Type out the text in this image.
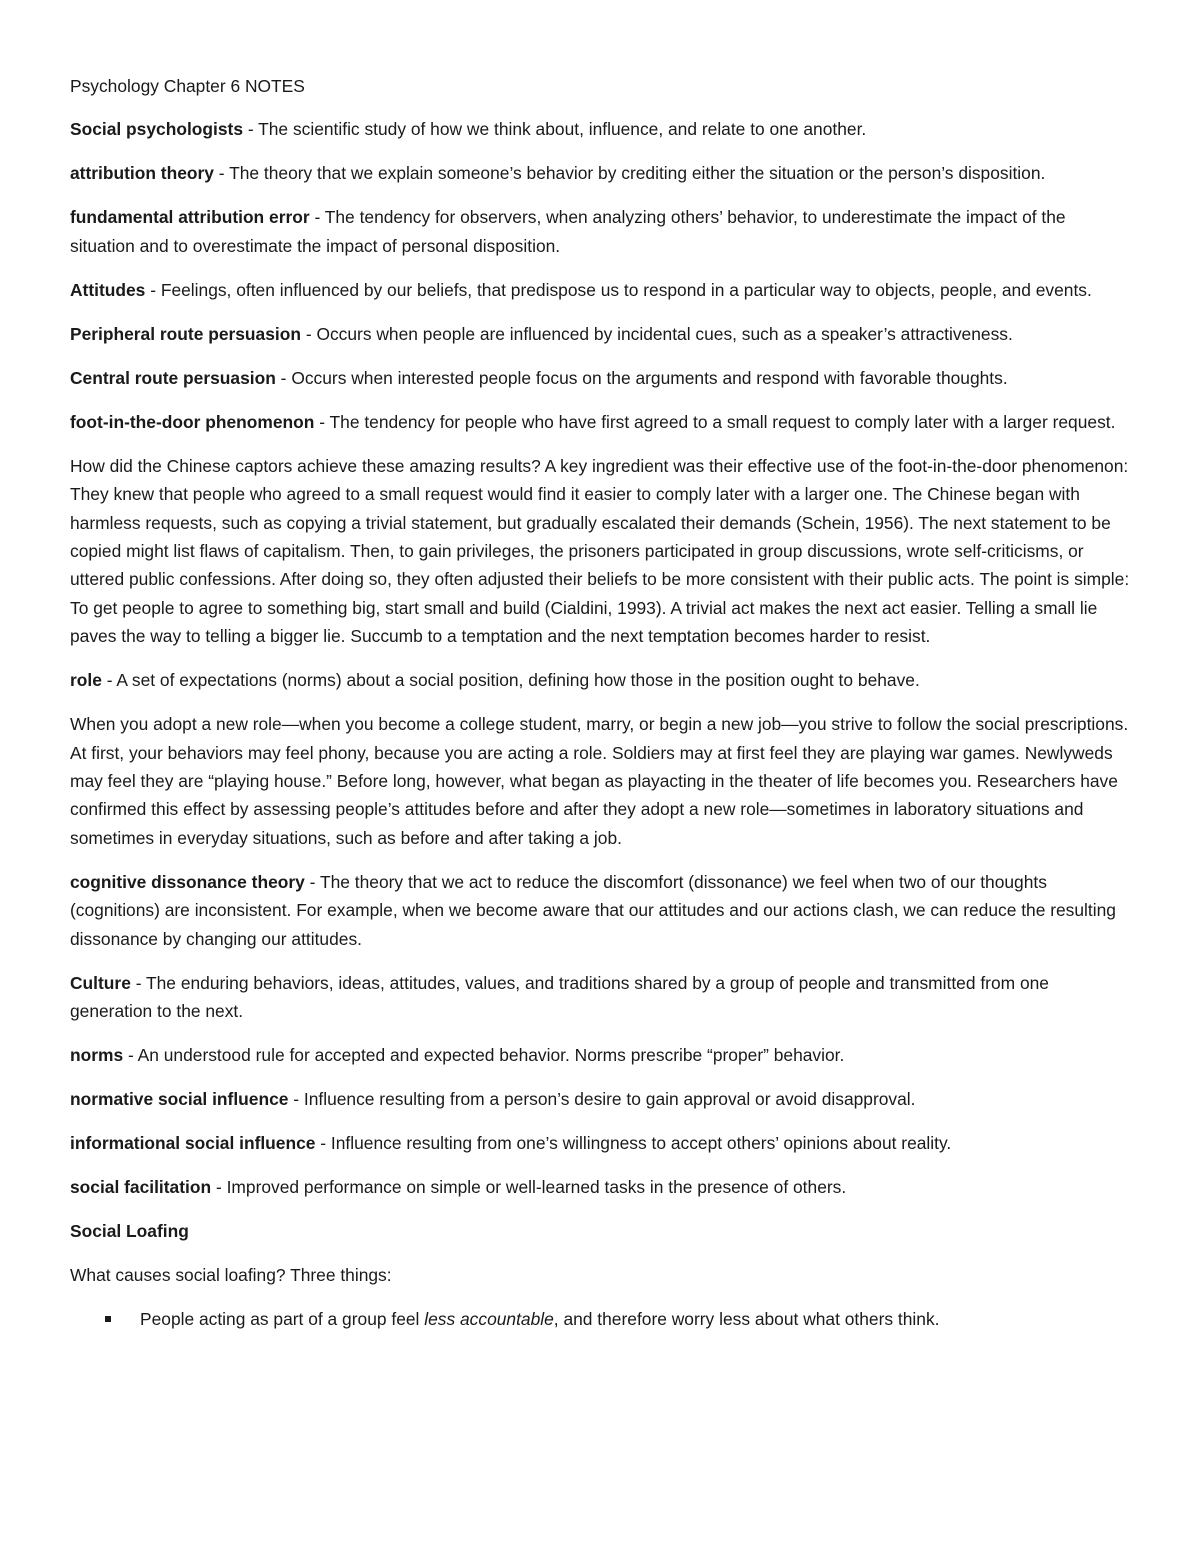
Psychology Chapter 6 NOTES

Social psychologists - The scientific study of how we think about, influence, and relate to one another.

attribution theory - The theory that we explain someone’s behavior by crediting either the situation or the person’s disposition.

fundamental attribution error - The tendency for observers, when analyzing others’ behavior, to underestimate the impact of the situation and to overestimate the impact of personal disposition.

Attitudes - Feelings, often influenced by our beliefs, that predispose us to respond in a particular way to objects, people, and events.

Peripheral route persuasion - Occurs when people are influenced by incidental cues, such as a speaker’s attractiveness.

Central route persuasion - Occurs when interested people focus on the arguments and respond with favorable thoughts.

foot-in-the-door phenomenon - The tendency for people who have first agreed to a small request to comply later with a larger request.

How did the Chinese captors achieve these amazing results? A key ingredient was their effective use of the foot-in-the-door phenomenon: They knew that people who agreed to a small request would find it easier to comply later with a larger one. The Chinese began with harmless requests, such as copying a trivial statement, but gradually escalated their demands (Schein, 1956). The next statement to be copied might list flaws of capitalism. Then, to gain privileges, the prisoners participated in group discussions, wrote self-criticisms, or uttered public confessions. After doing so, they often adjusted their beliefs to be more consistent with their public acts. The point is simple: To get people to agree to something big, start small and build (Cialdini, 1993). A trivial act makes the next act easier. Telling a small lie paves the way to telling a bigger lie. Succumb to a temptation and the next temptation becomes harder to resist.

role - A set of expectations (norms) about a social position, defining how those in the position ought to behave.

When you adopt a new role—when you become a college student, marry, or begin a new job—you strive to follow the social prescriptions. At first, your behaviors may feel phony, because you are acting a role. Soldiers may at first feel they are playing war games. Newlyweds may feel they are “playing house.” Before long, however, what began as playacting in the theater of life becomes you. Researchers have confirmed this effect by assessing people’s attitudes before and after they adopt a new role—sometimes in laboratory situations and sometimes in everyday situations, such as before and after taking a job.

cognitive dissonance theory - The theory that we act to reduce the discomfort (dissonance) we feel when two of our thoughts (cognitions) are inconsistent. For example, when we become aware that our attitudes and our actions clash, we can reduce the resulting dissonance by changing our attitudes.

Culture - The enduring behaviors, ideas, attitudes, values, and traditions shared by a group of people and transmitted from one generation to the next.

norms - An understood rule for accepted and expected behavior. Norms prescribe “proper” behavior.

normative social influence - Influence resulting from a person’s desire to gain approval or avoid disapproval.

informational social influence - Influence resulting from one’s willingness to accept others’ opinions about reality.

social facilitation - Improved performance on simple or well-learned tasks in the presence of others.

Social Loafing

What causes social loafing? Three things:

People acting as part of a group feel less accountable, and therefore worry less about what others think.
